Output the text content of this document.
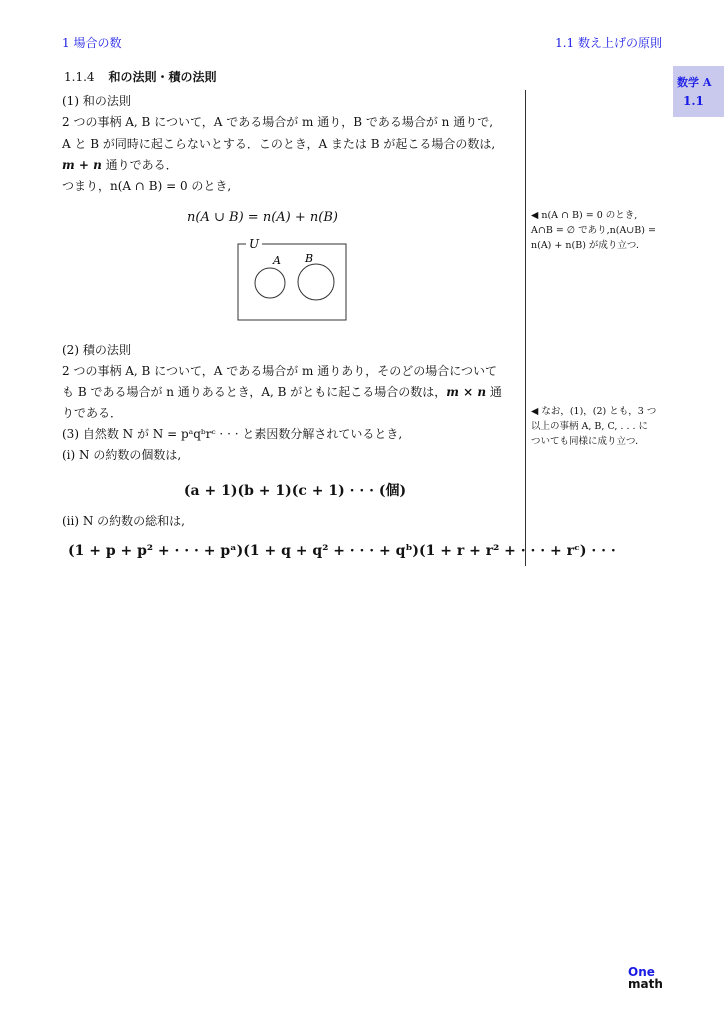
1 場合の数	1.1 数え上げの原則
数学 A
1.1
1.1.4 和の法則・積の法則
(1) 和の法則
2 つの事柄 A, B について，A である場合が m 通り，B である場合が n 通りで,
A と B が同時に起こらないとする．このとき，A または B が起こる場合の数は,
m + n 通りである．
つまり，n(A ∩ B) = 0 のとき,
n(A ∪ B) = n(A) + n(B)
U
A B
(2) 積の法則
2 つの事柄 A, B について，A である場合が m 通りあり，そのどの場合について
も B である場合が n 通りあるとき，A, B がともに起こる場合の数は，m × n 通
りである．
(3) 自然数 N が N = pᵃqᵇrᶜ · · · と素因数分解されているとき,
(i) N の約数の個数は,
(a + 1)(b + 1)(c + 1) · · · (個)
(ii) N の約数の総和は,
(1 + p + p² + · · · + pᵃ)(1 + q + q² + · · · + qᵇ)(1 + r + r² + · · · + rᶜ) · · ·
◀ n(A ∩ B) = 0 のとき,
A∩B = ∅ であり,n(A∪B) =
n(A) + n(B) が成り立つ．
◀ なお，(1)，(2) とも，3 つ
以上の事柄 A, B, C, . . . に
ついても同様に成り立つ．
One
math
